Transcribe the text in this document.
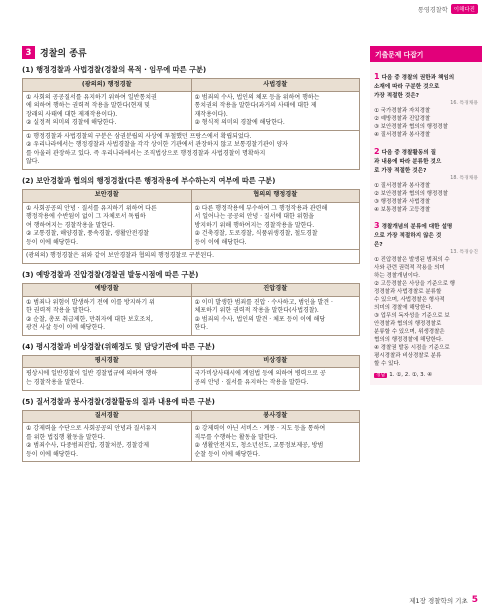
통영경찰학	이해다진
3 경찰의 종류
(1) 행정경찰과 사법경찰(경찰의 목적 · 임무에 따른 구분)
(광의의) 행정경찰	사법경찰

① 사회의 공공질서를 유지하기 위하여 일반통치권
에 의하여 행하는 권력적 작용을 말한다(현재 및
장래의 사태에 대한 제재작용이다).
② 실정적 의미의 경찰에 해당한다.	① 범죄의 수사, 법인의 체포 등을 위하여 행하는
통치권의 작용을 말한다(과거의 사태에 대한 제
재작용이다).
② 형식적 의미의 경찰에 해당한다.

① 행정경찰과 사법경찰의 구분은 삼권분립의 사상에 투철했던 프랑스에서 확립되었다.
② 우리나라에서는 행정경찰과 사법경찰을 각각 상이한 기관에서 관장하지 않고 보통경찰기관이 양자
를 아울러 관장하고 있다. 즉 우리나라에서는 조직법상으로 행정경찰과 사법경찰이 명확하지
않다.	
(2) 보안경찰과 협의의 행정경찰(다른 행정작용에 부수하는지 여부에 따른 구분)
보안경찰	협의의 행정경찰

① 사회공공의 안녕 · 질서를 유지하기 위하여 다른
행정작용에 수반됨이 없이 그 자체로서 독립하
여 행하여지는 경찰작용을 말한다.
② 교통경찰, 해양경찰, 풍속경찰, 생활안전경찰
등이 이에 해당한다.	① 다른 행정작용에 부수하여 그 행정작용과 관련해
서 일어나는 공공의 안녕 · 질서에 대한 위험을
방지하기 위해 행하여지는 경찰작용을 말한다.
② 건축경찰, 도로경찰, 식품위생경찰, 철도경찰
등이 이에 해당한다.

(광의의) 행정경찰은 위와 같이 보안경찰과 협의의 행정경찰로 구분된다.	
(3) 예방경찰과 진압경찰(경찰권 발동시점에 따른 구분)
예방경찰	진압경찰

① 범죄나 위험이 발생하기 전에 이를 방지하기 위
한 권력적 작용을 말한다.
② 순찰, 총포 취급제한, 만취자에 대한 보호조치,
광견 사살 등이 이에 해당한다.	① 이미 발생한 범죄를 진압 · 수사하고, 범인을 발견 ·
체포하기 위한 권력적 작용을 말한다(사법경찰).
② 범죄의 수사, 법인의 발견 · 체포 등이 이에 해당
한다.
(4) 평시경찰과 비상경찰(위해정도 및 담당기관에 따른 구분)
평시경찰	비상경찰

평상시에 일반경찰이 일반 경찰법규에 의하여 행하
는 경찰작용을 말한다.	국가비상사태시에 계엄법 등에 의하여 병력으로 공
공의 안녕 · 질서를 유지하는 작용을 말한다.
(5) 질서경찰과 봉사경찰(경찰활동의 질과 내용에 따른 구분)
질서경찰	봉사경찰

① 강제력을 수단으로 사회공공의 안녕과 질서유지
를 위한 법집행 활동을 말한다.
② 범죄수사, 다중범죄진압, 경찰처분, 경찰강제
등이 이에 해당한다.	① 강제력이 아닌 서비스 · 계몽 · 지도 등을 통하여
직무를 수행하는 활동을 말한다.
② 생활안전지도, 청소년선도, 교통정보제공, 방범
순찰 등이 이에 해당한다.
기출문제 다잡기
1 다음 중 경찰의 권한과 책임의
소재에 따라 구분한 것으로
가장 적절한 것은?
16. 특경채용
① 국가경찰과 자치경찰
② 예방경찰과 진압경찰
③ 보안경찰과 협의의 행정경찰
④ 질서경찰과 봉사경찰
2 다음 중 경찰활동의 질
과 내용에 따라 분류한 것으
로 가장 적절한 것은?
18. 특경채용
① 질서경찰과 봉사경찰
② 보안경찰과 협의의 행정경찰
③ 행정경찰과 사법경찰
④ 보통경찰과 고등경찰
3 경찰개념의 분류에 대한 설명
으로 가장 적절하지 않은 것
은?
13. 특경승진
① 진압경찰은 발생된 범죄의 수
사와 관련 권력적 작용을 의미
하는 경찰개념이다.
② 고등경찰은 사상을 기준으로 행
정경찰과 사법경찰로 분류할
수 있으며, 사법경찰은 형사적
의미의 경찰에 해당한다.
③ 업무의 독자성을 기준으로 보
안경찰과 협의의 행정경찰로
분류할 수 있으며, 위생경찰은
협의의 행정경찰에 해당한다.
④ 경찰권 발동 시점을 기준으로
평시경찰과 비상경찰로 분류
할 수 있다.
정답 1. ①, 2. ①, 3. ④
제1장 경찰학의 기초 5
